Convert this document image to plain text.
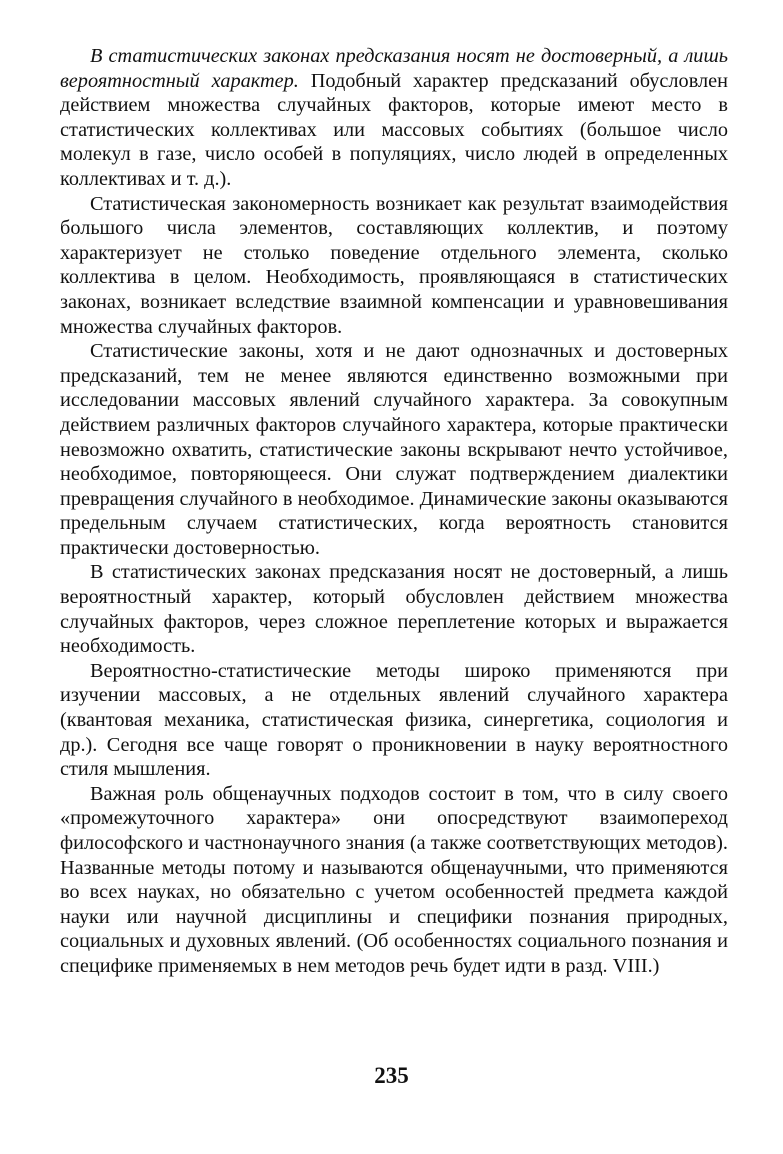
В статистических законах предсказания носят не достоверный, а лишь вероятностный характер. Подобный характер предсказаний обусловлен действием множества случайных факторов, которые имеют место в статистических коллективах или массовых событиях (большое число молекул в газе, число особей в популяциях, число людей в определенных коллективах и т. д.).

Статистическая закономерность возникает как результат взаимодействия большого числа элементов, составляющих коллектив, и поэтому характеризует не столько поведение отдельного элемента, сколько коллектива в целом. Необходимость, проявляющаяся в статистических законах, возникает вследствие взаимной компенсации и уравновешивания множества случайных факторов.

Статистические законы, хотя и не дают однозначных и достоверных предсказаний, тем не менее являются единственно возможными при исследовании массовых явлений случайного характера. За совокупным действием различных факторов случайного характера, которые практически невозможно охватить, статистические законы вскрывают нечто устойчивое, необходимое, повторяющееся. Они служат подтверждением диалектики превращения случайного в необходимое. Динамические законы оказываются предельным случаем статистических, когда вероятность становится практически достоверностью.

В статистических законах предсказания носят не достоверный, а лишь вероятностный характер, который обусловлен действием множества случайных факторов, через сложное переплетение которых и выражается необходимость.

Вероятностно-статистические методы широко применяются при изучении массовых, а не отдельных явлений случайного характера (квантовая механика, статистическая физика, синергетика, социология и др.). Сегодня все чаще говорят о проникновении в науку вероятностного стиля мышления.

Важная роль общенаучных подходов состоит в том, что в силу своего «промежуточного характера» они опосредствуют взаимопереход философского и частнонаучного знания (а также соответствующих методов). Названные методы потому и называются общенаучными, что применяются во всех науках, но обязательно с учетом особенностей предмета каждой науки или научной дисциплины и специфики познания природных, социальных и духовных явлений. (Об особенностях социального познания и специфике применяемых в нем методов речь будет идти в разд. VIII.)

235
